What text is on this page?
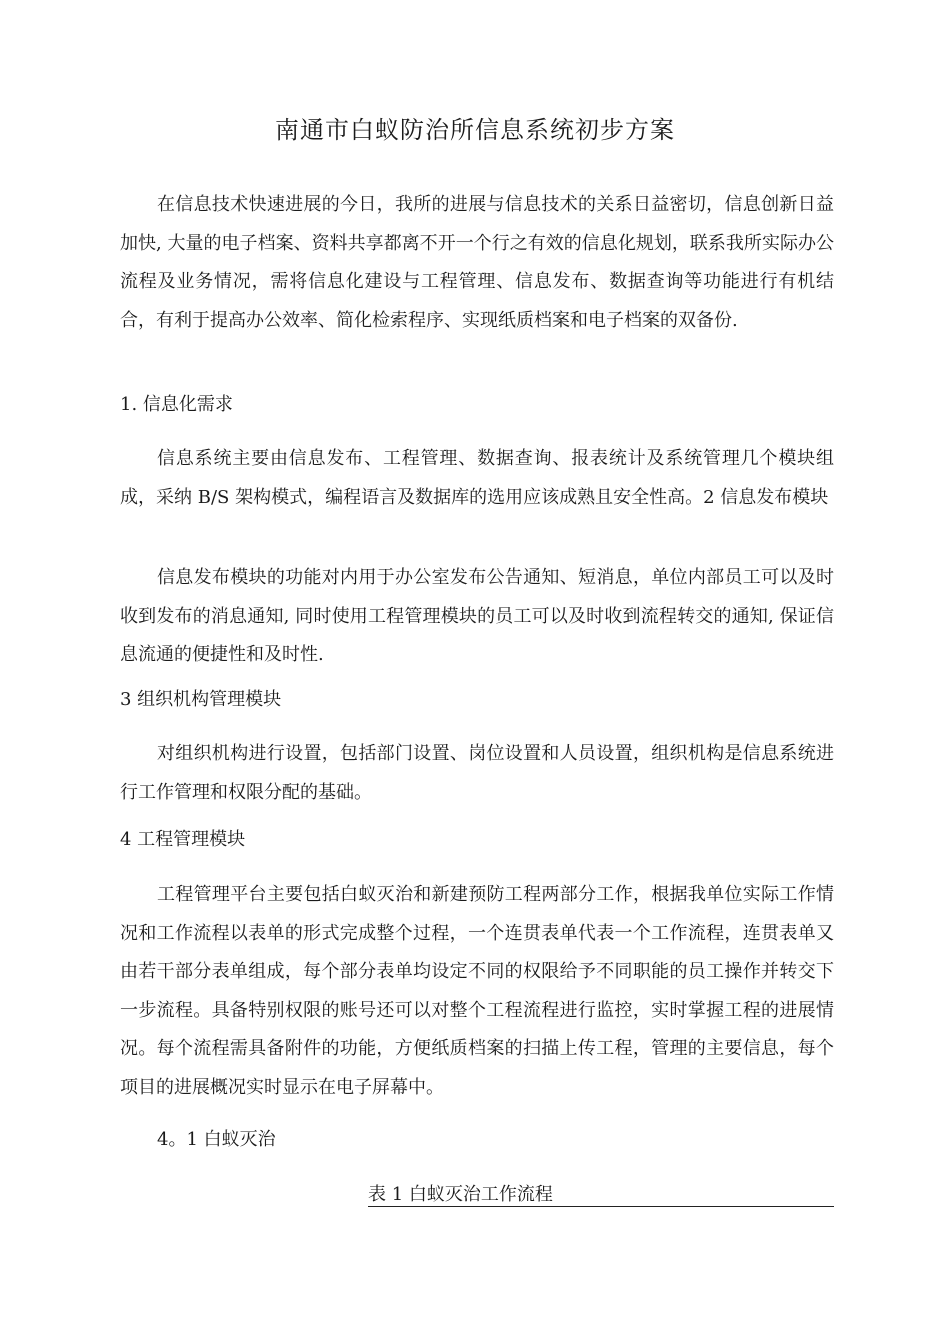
南通市白蚁防治所信息系统初步方案

在信息技术快速进展的今日，我所的进展与信息技术的关系日益密切，信息创新日益加快, 大量的电子档案、资料共享都离不开一个行之有效的信息化规划，联系我所实际办公流程及业务情况，需将信息化建设与工程管理、信息发布、数据查询等功能进行有机结合，有利于提高办公效率、简化检索程序、实现纸质档案和电子档案的双备份.

1. 信息化需求

信息系统主要由信息发布、工程管理、数据查询、报表统计及系统管理几个模块组成，采纳 B/S 架构模式，编程语言及数据库的选用应该成熟且安全性高。2 信息发布模块

信息发布模块的功能对内用于办公室发布公告通知、短消息，单位内部员工可以及时收到发布的消息通知, 同时使用工程管理模块的员工可以及时收到流程转交的通知, 保证信息流通的便捷性和及时性.

3 组织机构管理模块

对组织机构进行设置，包括部门设置、岗位设置和人员设置，组织机构是信息系统进行工作管理和权限分配的基础。

4 工程管理模块

工程管理平台主要包括白蚁灭治和新建预防工程两部分工作，根据我单位实际工作情况和工作流程以表单的形式完成整个过程，一个连贯表单代表一个工作流程，连贯表单又由若干部分表单组成，每个部分表单均设定不同的权限给予不同职能的员工操作并转交下一步流程。具备特别权限的账号还可以对整个工程流程进行监控，实时掌握工程的进展情况。每个流程需具备附件的功能，方便纸质档案的扫描上传工程，管理的主要信息，每个项目的进展概况实时显示在电子屏幕中。

4。1 白蚁灭治

表 1 白蚁灭治工作流程
